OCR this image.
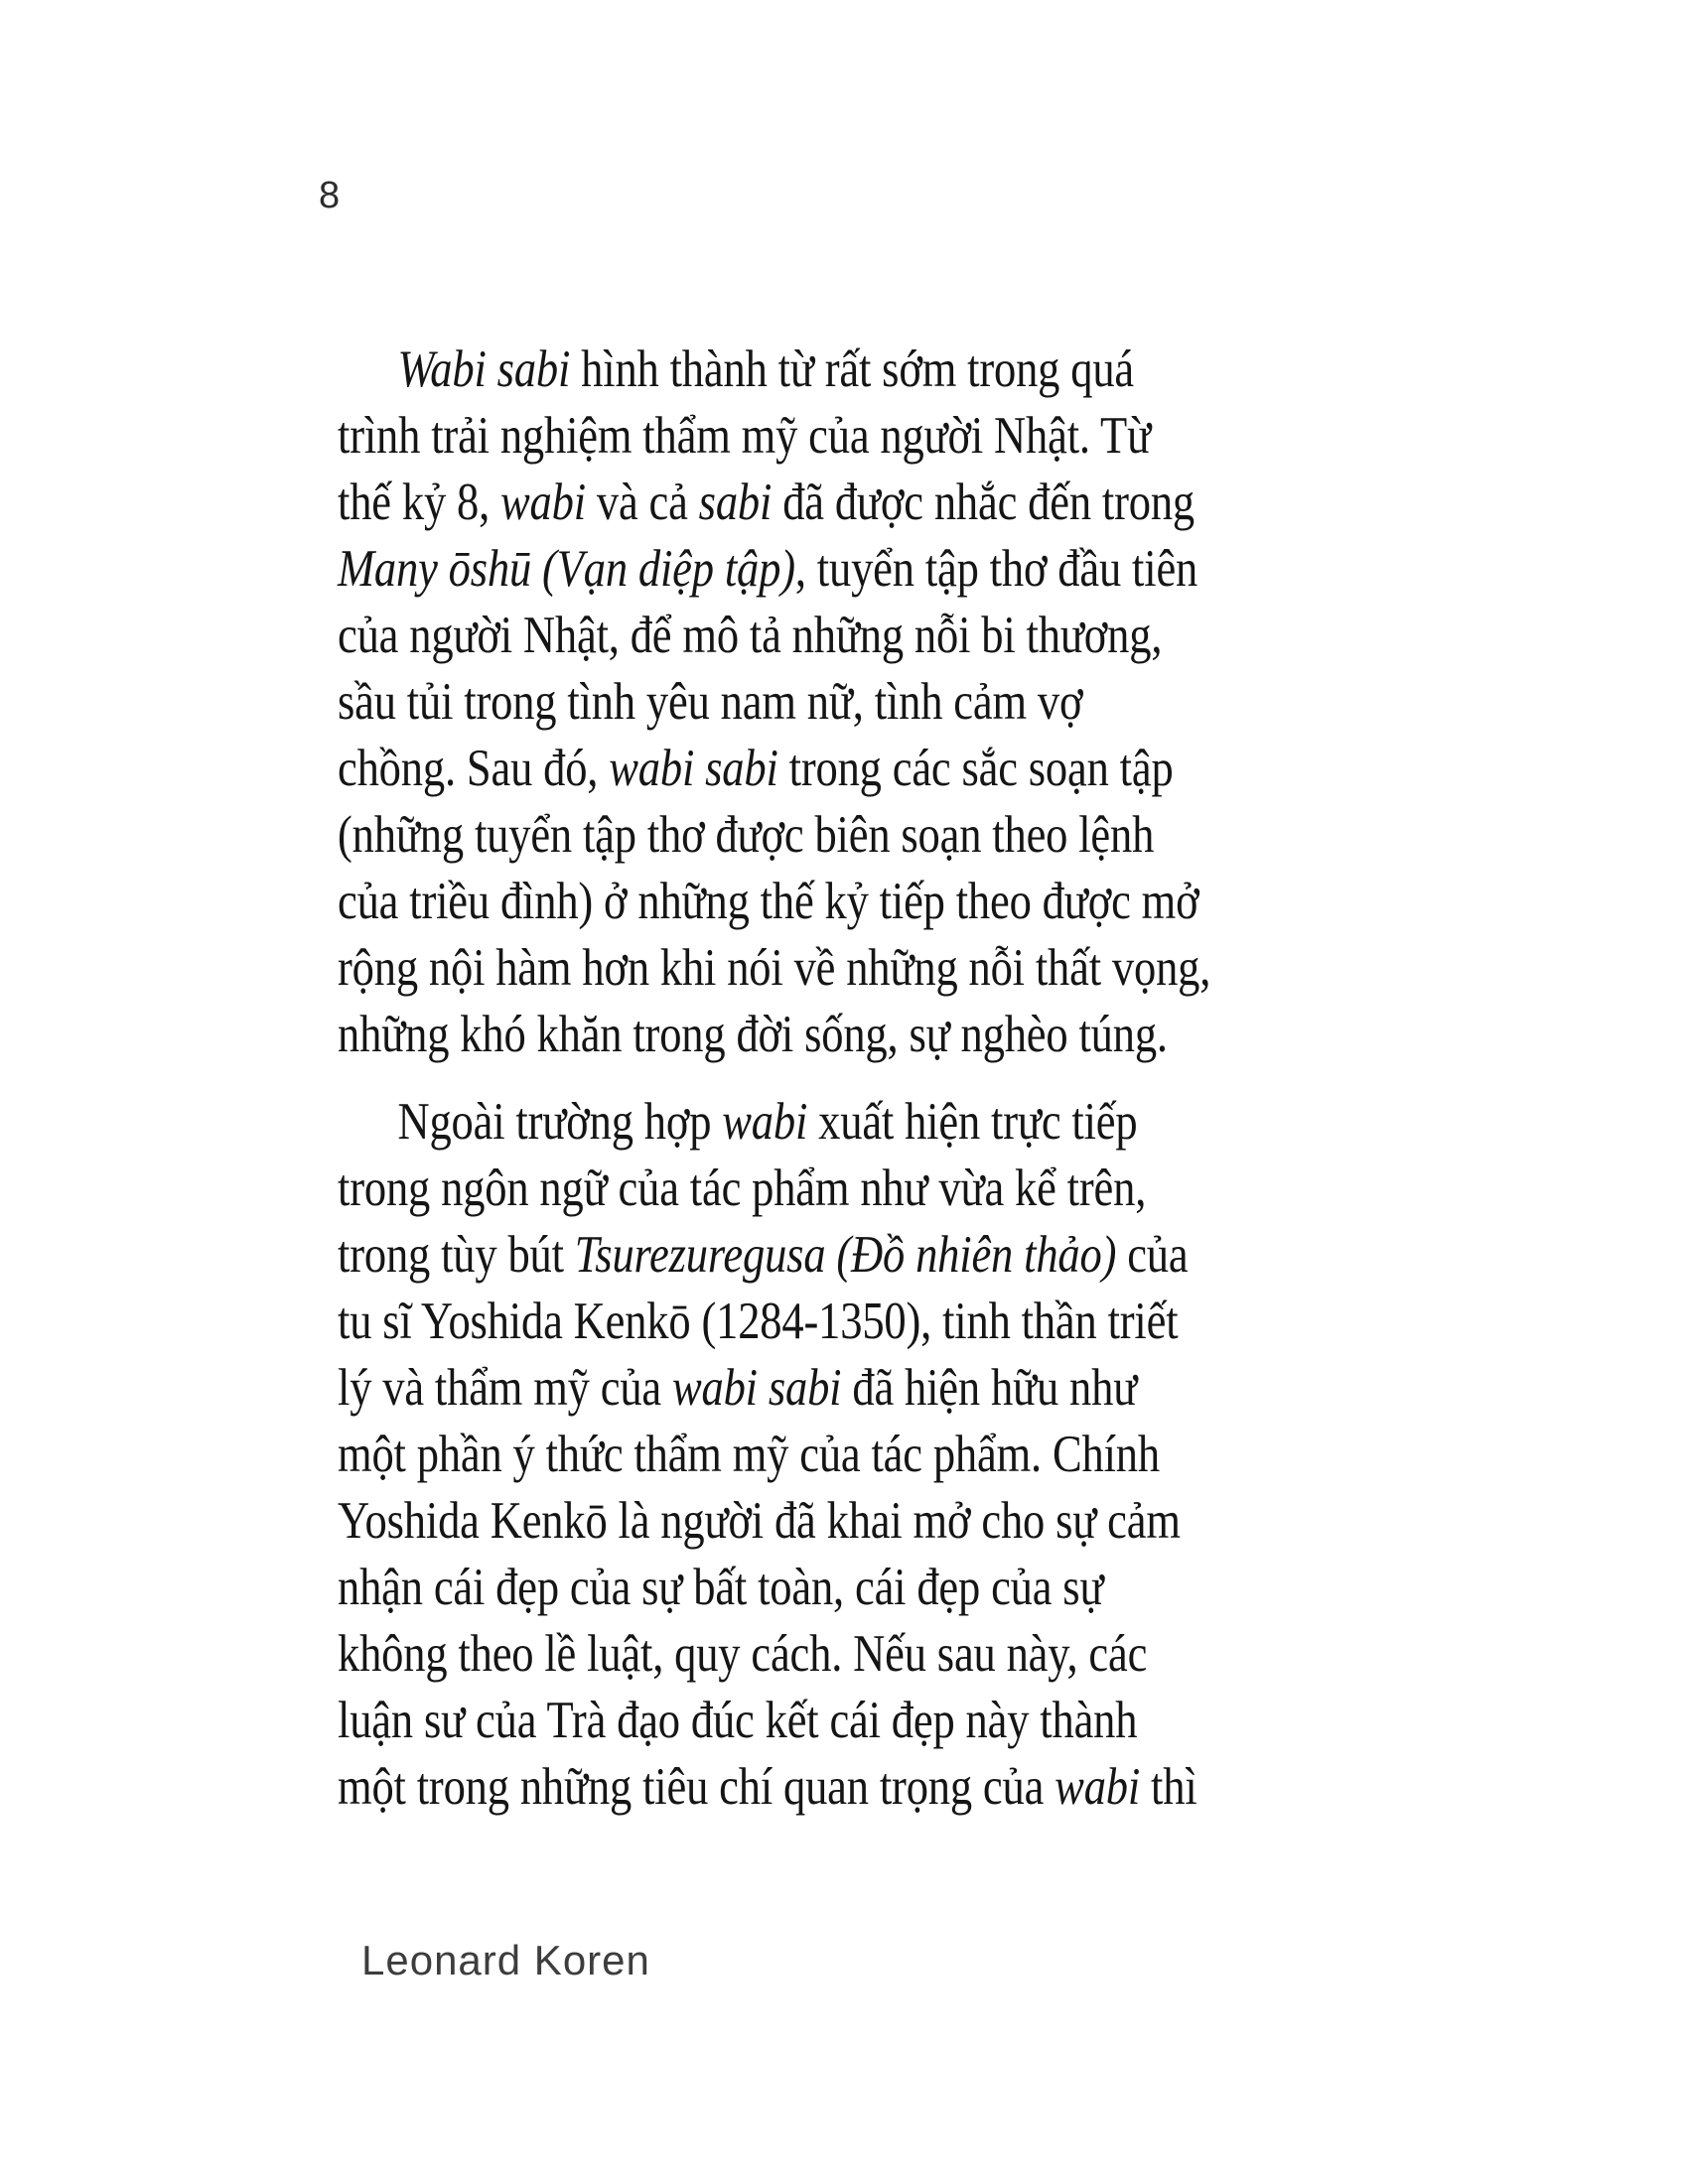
8
Wabi sabi hình thành từ rất sớm trong quá
trình trải nghiệm thẩm mỹ của người Nhật. Từ
thế kỷ 8, wabi và cả sabi đã được nhắc đến trong
Many ōshū (Vạn diệp tập), tuyển tập thơ đầu tiên
của người Nhật, để mô tả những nỗi bi thương,
sầu tủi trong tình yêu nam nữ, tình cảm vợ
chồng. Sau đó, wabi sabi trong các sắc soạn tập
(những tuyển tập thơ được biên soạn theo lệnh
của triều đình) ở những thế kỷ tiếp theo được mở
rộng nội hàm hơn khi nói về những nỗi thất vọng,
những khó khăn trong đời sống, sự nghèo túng.
Ngoài trường hợp wabi xuất hiện trực tiếp
trong ngôn ngữ của tác phẩm như vừa kể trên,
trong tùy bút Tsurezuregusa (Đồ nhiên thảo) của
tu sĩ Yoshida Kenkō (1284-1350), tinh thần triết
lý và thẩm mỹ của wabi sabi đã hiện hữu như
một phần ý thức thẩm mỹ của tác phẩm. Chính
Yoshida Kenkō là người đã khai mở cho sự cảm
nhận cái đẹp của sự bất toàn, cái đẹp của sự
không theo lề luật, quy cách. Nếu sau này, các
luận sư của Trà đạo đúc kết cái đẹp này thành
một trong những tiêu chí quan trọng của wabi thì
Leonard Koren
